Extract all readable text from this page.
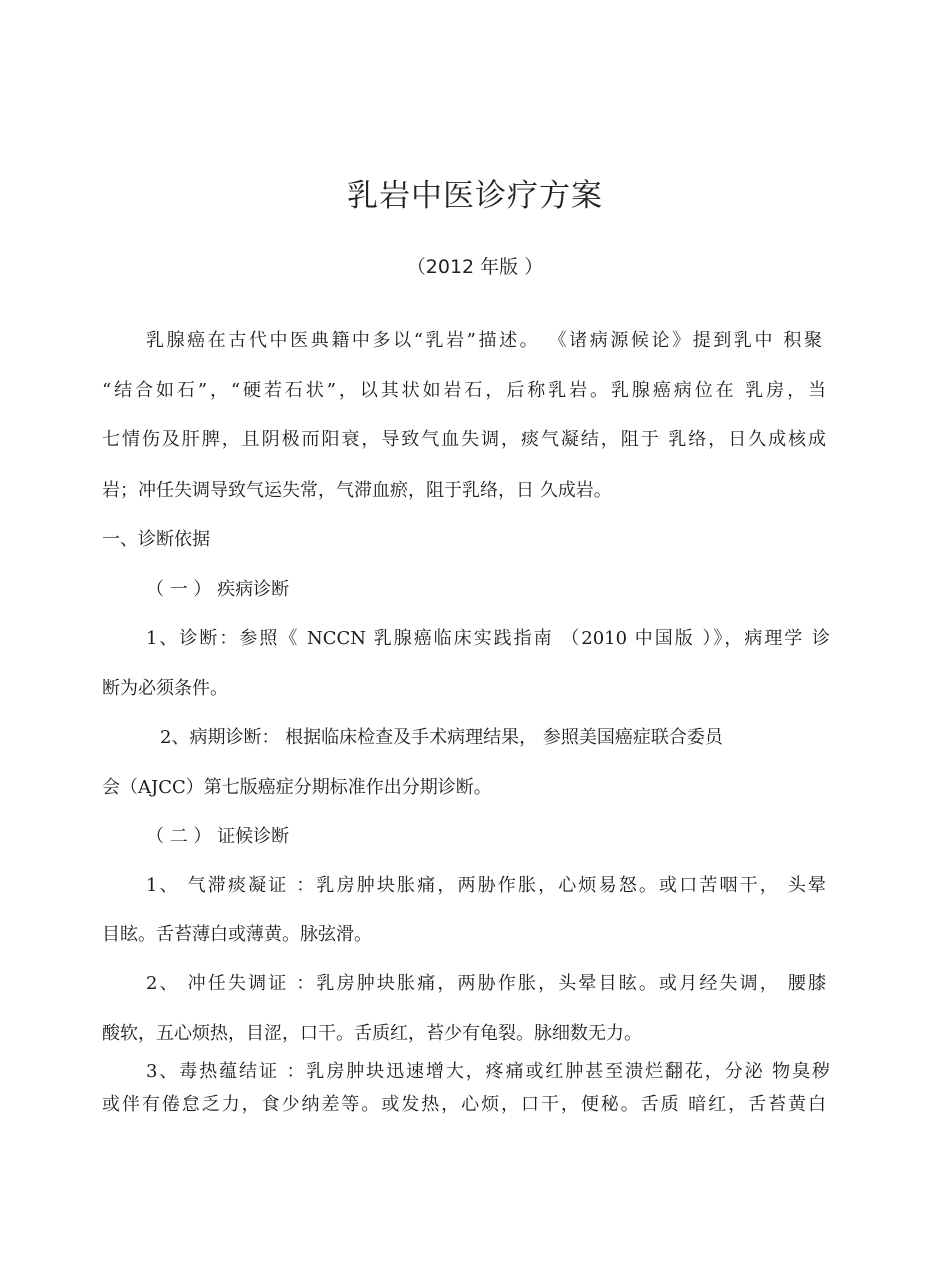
乳岩中医诊疗方案
（2012 年版 ）
乳腺癌在古代中医典籍中多以“乳岩”描述。 《诸病源候论》提到乳中 积聚
“结合如石”，“硬若石状”，以其状如岩石，后称乳岩。乳腺癌病位在 乳房，当
七情伤及肝脾，且阴极而阳衰，导致气血失调，痰气凝结，阻于 乳络，日久成核成
岩；冲任失调导致气运失常，气滞血瘀，阻于乳络，日 久成岩。
一、诊断依据
（ 一 ） 疾病诊断
1、诊断：参照《 NCCN 乳腺癌临床实践指南 （2010 中国版 ）》，病理学 诊
断为必须条件。
2、病期诊断： 根据临床检查及手术病理结果， 参照美国癌症联合委员
会（AJCC）第七版癌症分期标准作出分期诊断。
（ 二 ） 证候诊断
1、 气滞痰凝证 ：乳房肿块胀痛，两胁作胀，心烦易怒。或口苦咽干， 头晕
目眩。舌苔薄白或薄黄。脉弦滑。
2、 冲任失调证 ：乳房肿块胀痛，两胁作胀，头晕目眩。或月经失调， 腰膝
酸软，五心烦热，目涩，口干。舌质红，苔少有龟裂。脉细数无力。
3、毒热蕴结证 ：乳房肿块迅速增大，疼痛或红肿甚至溃烂翻花，分泌 物臭秽
或伴有倦怠乏力，食少纳差等。或发热，心烦，口干，便秘。舌质 暗红，舌苔黄白
